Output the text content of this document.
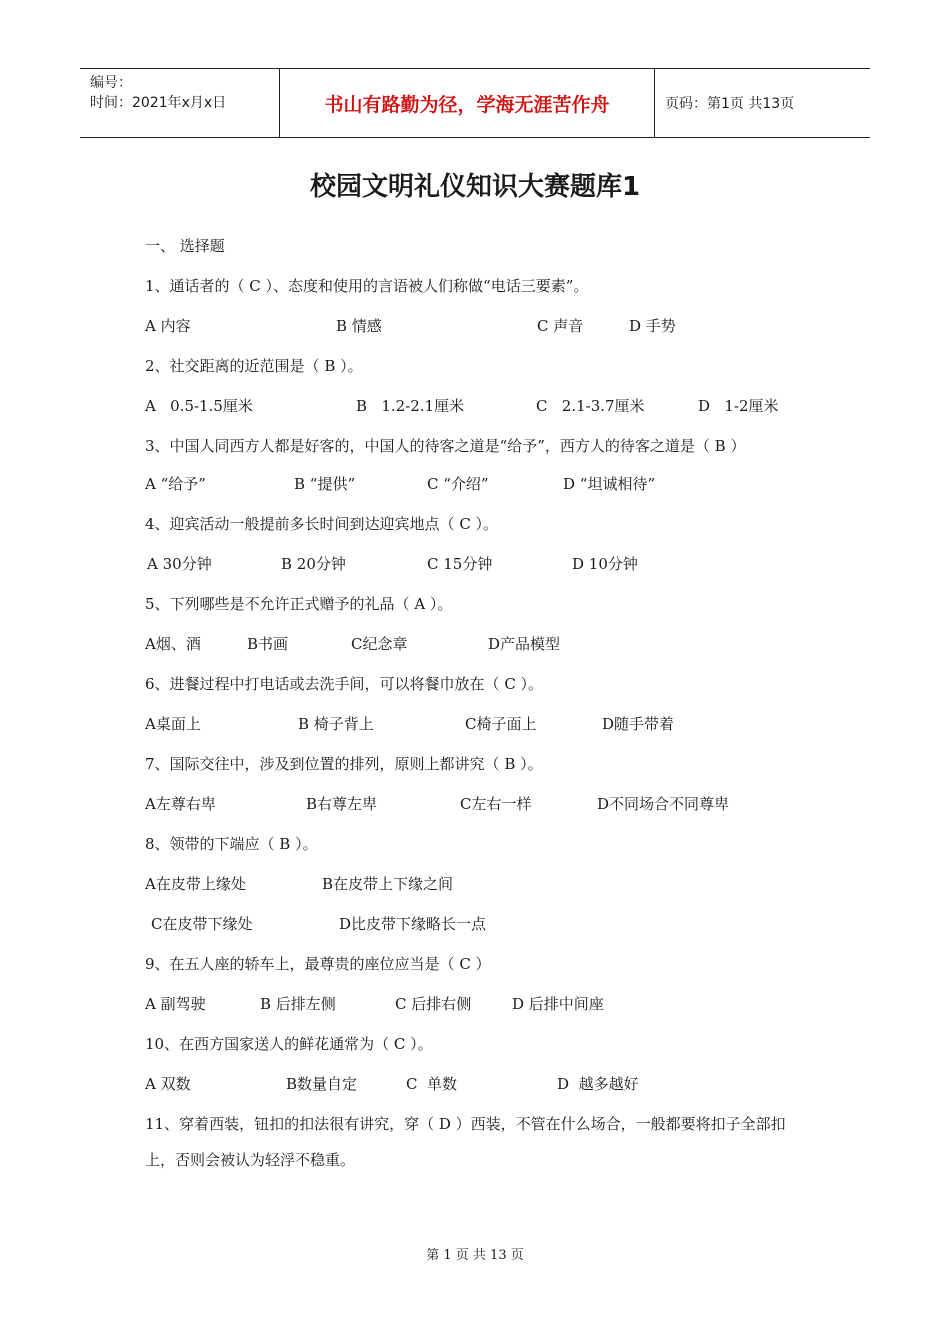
编号：
时间：2021年x月x日	书山有路勤为径，学海无涯苦作舟	页码：第1页 共13页
校园文明礼仪知识大赛题库1
一、 选择题
1、通话者的（ C ）、态度和使用的言语被人们称做“电话三要素”。
A 内容	B 情感	C 声音	D 手势
2、社交距离的近范围是（ B ）。
A   0.5-1.5厘米	B   1.2-2.1厘米	C   2.1-3.7厘米	D   1-2厘米
3、中国人同西方人都是好客的，中国人的待客之道是“给予”，西方人的待客之道是（ B ）
A “给予”	B “提供”	C “介绍”	D “坦诚相待”
4、迎宾活动一般提前多长时间到达迎宾地点（ C ）。
A 30分钟	B 20分钟	C 15分钟	D 10分钟
5、下列哪些是不允许正式赠予的礼品（ A ）。
A烟、酒	B书画	C纪念章	D产品模型
6、进餐过程中打电话或去洗手间，可以将餐巾放在（ C ）。
A桌面上	B 椅子背上	C椅子面上	D随手带着
7、国际交往中，涉及到位置的排列，原则上都讲究（ B ）。
A左尊右卑	B右尊左卑	C左右一样	D不同场合不同尊卑
8、领带的下端应（ B ）。
A在皮带上缘处	B在皮带上下缘之间
C在皮带下缘处	D比皮带下缘略长一点
9、在五人座的轿车上，最尊贵的座位应当是（ C ）
A 副驾驶	B 后排左侧	C 后排右侧	D 后排中间座
10、在西方国家送人的鲜花通常为（ C ）。
A 双数	B数量自定	C  单数	D  越多越好
11、穿着西装，钮扣的扣法很有讲究，穿（ D ）西装，不管在什么场合，一般都要将扣子全部扣上，否则会被认为轻浮不稳重。
第 1 页 共 13 页
